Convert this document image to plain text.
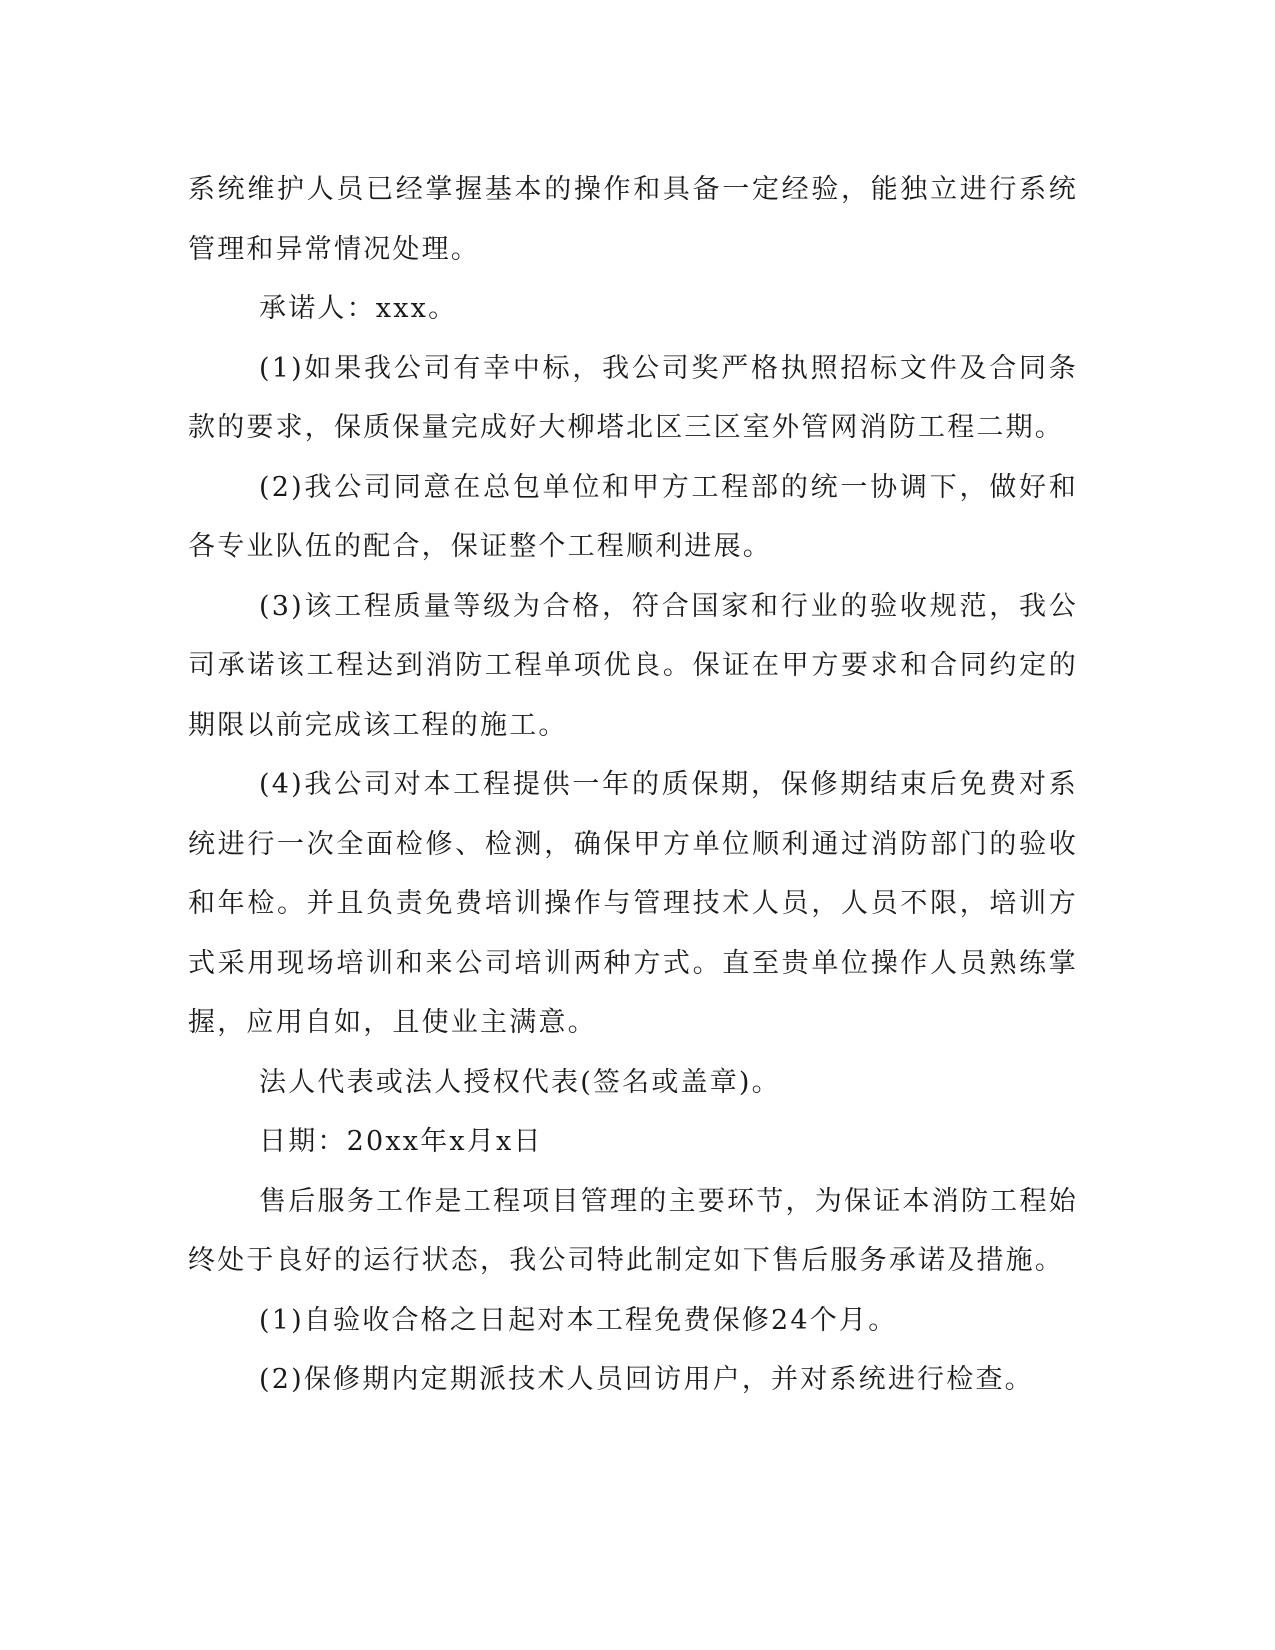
系统维护人员已经掌握基本的操作和具备一定经验，能独立进行系统管理和异常情况处理。

承诺人：xxx。

(1)如果我公司有幸中标，我公司奖严格执照招标文件及合同条款的要求，保质保量完成好大柳塔北区三区室外管网消防工程二期。

(2)我公司同意在总包单位和甲方工程部的统一协调下，做好和各专业队伍的配合，保证整个工程顺利进展。

(3)该工程质量等级为合格，符合国家和行业的验收规范，我公司承诺该工程达到消防工程单项优良。保证在甲方要求和合同约定的期限以前完成该工程的施工。

(4)我公司对本工程提供一年的质保期，保修期结束后免费对系统进行一次全面检修、检测，确保甲方单位顺利通过消防部门的验收和年检。并且负责免费培训操作与管理技术人员，人员不限，培训方式采用现场培训和来公司培训两种方式。直至贵单位操作人员熟练掌握，应用自如，且使业主满意。

法人代表或法人授权代表(签名或盖章)。

日期：20xx年x月x日

售后服务工作是工程项目管理的主要环节，为保证本消防工程始终处于良好的运行状态，我公司特此制定如下售后服务承诺及措施。

(1)自验收合格之日起对本工程免费保修24个月。

(2)保修期内定期派技术人员回访用户，并对系统进行检查。
